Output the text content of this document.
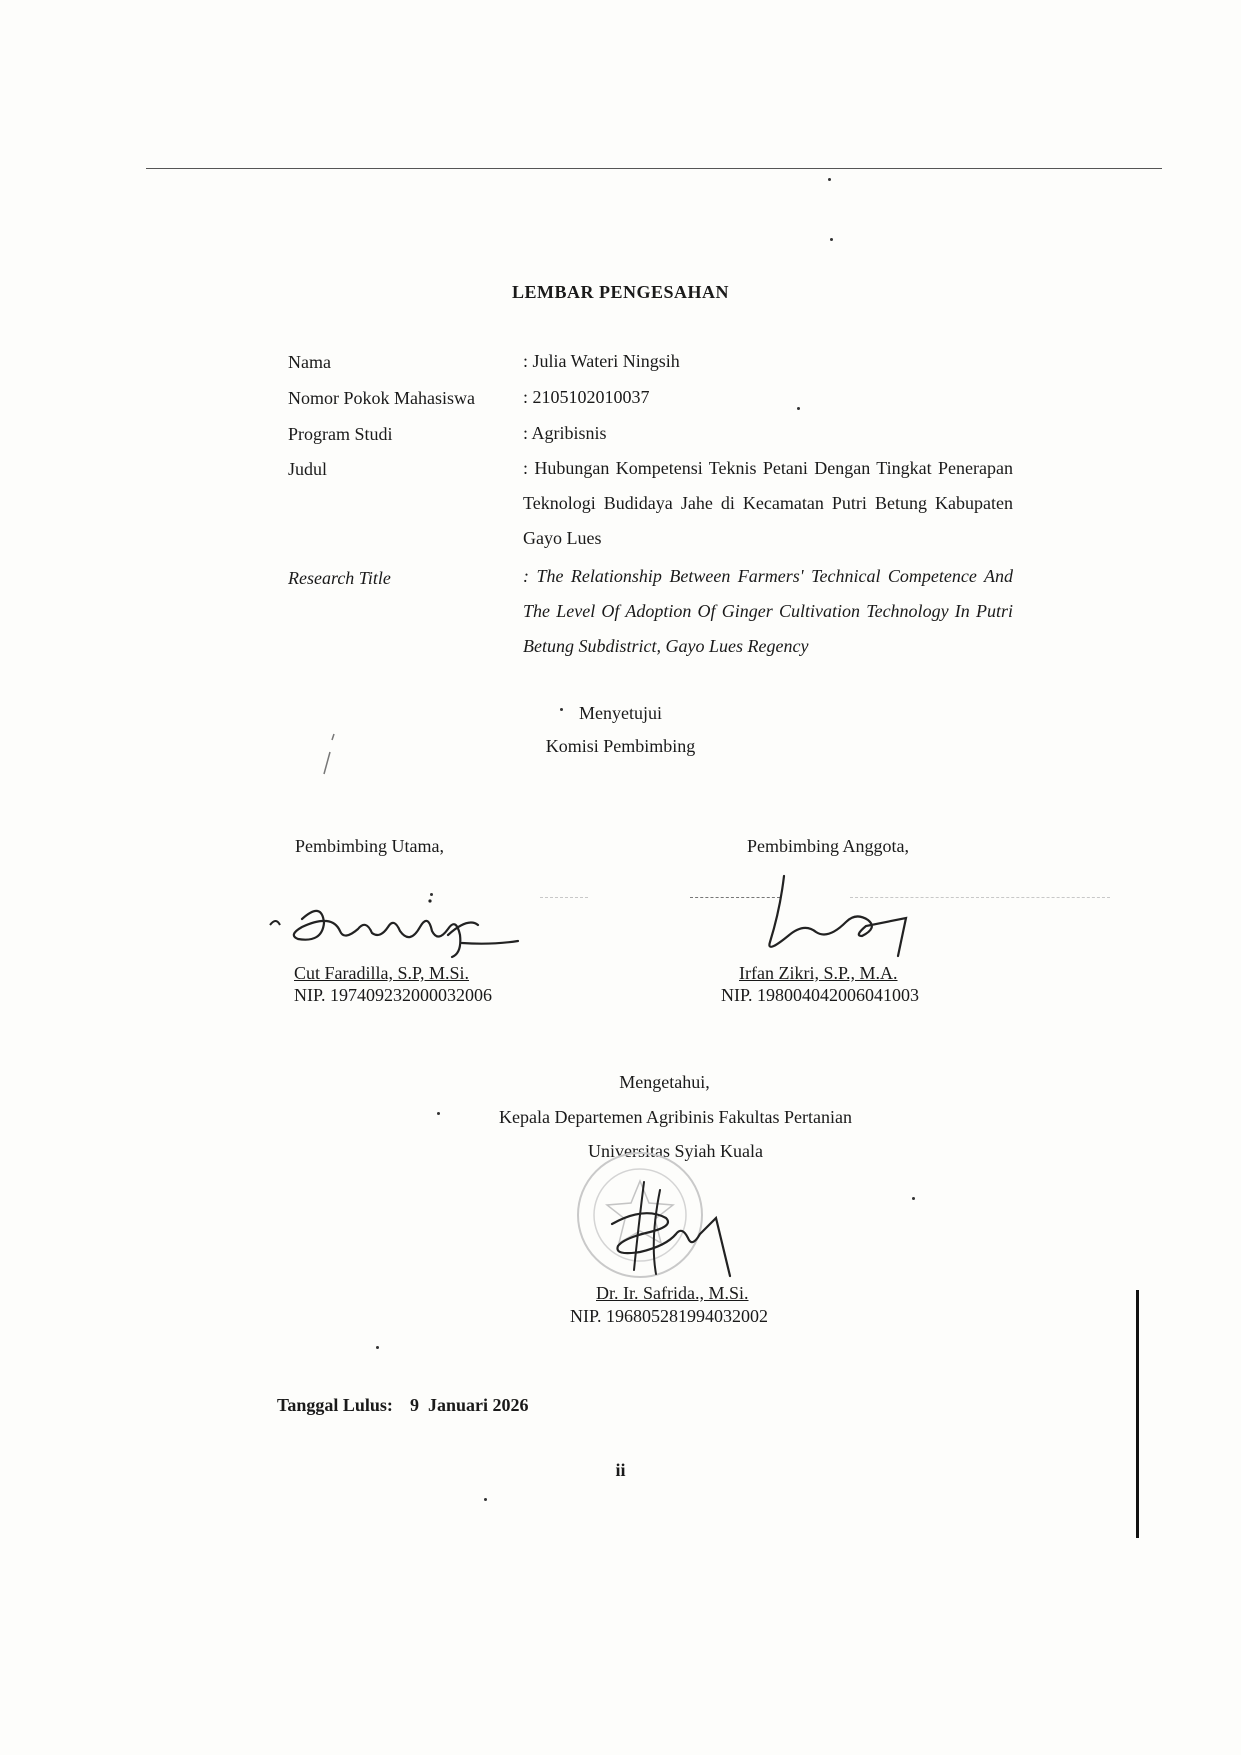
LEMBAR PENGESAHAN
Nama	: Julia Wateri Ningsih
Nomor Pokok Mahasiswa	: 2105102010037
Program Studi	: Agribisnis
Judul	: Hubungan Kompetensi Teknis Petani Dengan Tingkat Penerapan Teknologi Budidaya Jahe di Kecamatan Putri Betung Kabupaten Gayo Lues
Research Title	: The Relationship Between Farmers' Technical Competence And The Level Of Adoption Of Ginger Cultivation Technology In Putri Betung Subdistrict, Gayo Lues Regency
Menyetujui
Komisi Pembimbing
Pembimbing Utama,	Pembimbing Anggota,
Cut Faradilla, S.P, M.Si.
NIP. 197409232000032006
Irfan Zikri, S.P., M.A.
NIP. 198004042006041003
Mengetahui,
Kepala Departemen Agribinis Fakultas Pertanian
Universitas Syiah Kuala
Dr. Ir. Safrida., M.Si.
NIP. 196805281994032002
Tanggal Lulus: 9  Januari 2026
ii
